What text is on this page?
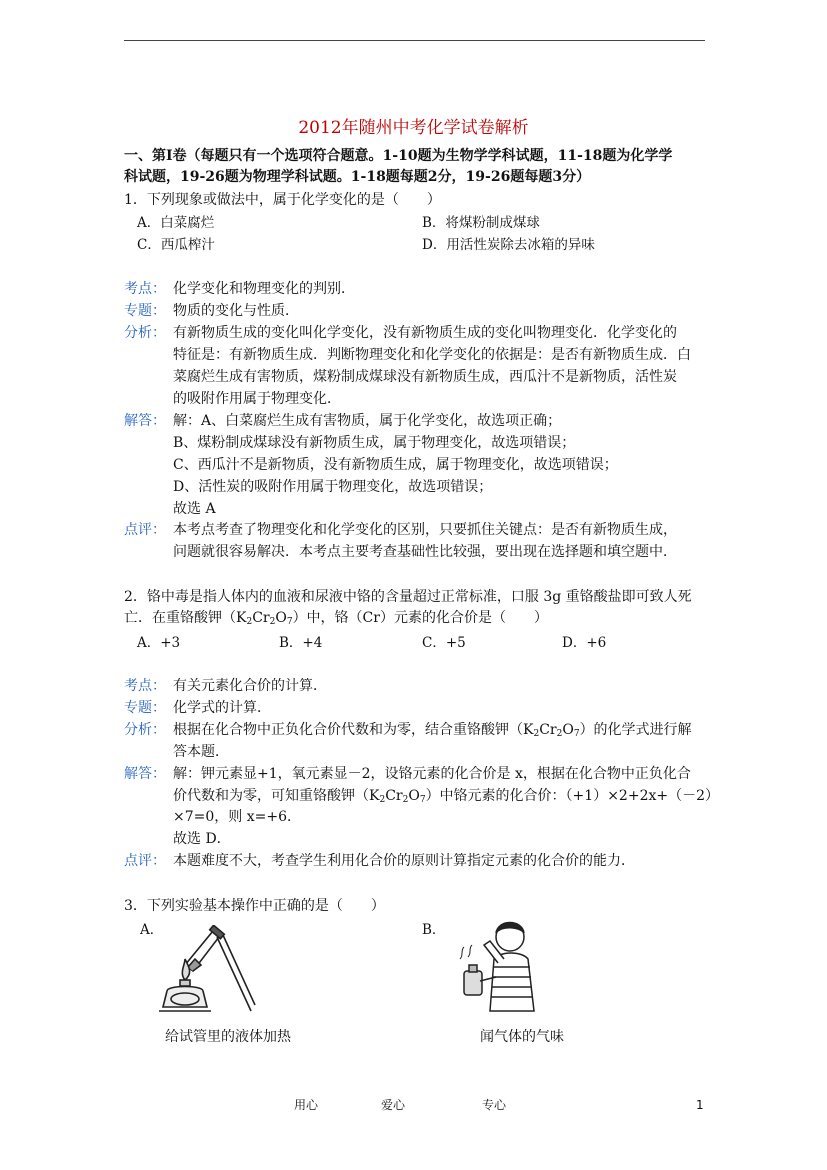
2012年随州中考化学试卷解析
一、第Ⅰ卷（每题只有一个选项符合题意。1-10题为生物学学科试题，11-18题为化学学
科试题，19-26题为物理学科试题。1-18题每题2分，19-26题每题3分）
1．下列现象或做法中，属于化学变化的是（　　）
A．白菜腐烂	B．将煤粉制成煤球
C．西瓜榨汁	D．用活性炭除去冰箱的异味
考点： 化学变化和物理变化的判别．
专题： 物质的变化与性质．
分析： 有新物质生成的变化叫化学变化，没有新物质生成的变化叫物理变化．化学变化的
特征是：有新物质生成．判断物理变化和化学变化的依据是：是否有新物质生成．白
菜腐烂生成有害物质，煤粉制成煤球没有新物质生成，西瓜汁不是新物质，活性炭
的吸附作用属于物理变化．
解答： 解：A、白菜腐烂生成有害物质，属于化学变化，故选项正确；
B、煤粉制成煤球没有新物质生成，属于物理变化，故选项错误；
C、西瓜汁不是新物质，没有新物质生成，属于物理变化，故选项错误；
D、活性炭的吸附作用属于物理变化，故选项错误；
故选 A
点评： 本考点考查了物理变化和化学变化的区别，只要抓住关键点：是否有新物质生成，
问题就很容易解决．本考点主要考查基础性比较强，要出现在选择题和填空题中．
2．铬中毒是指人体内的血液和尿液中铬的含量超过正常标准，口服 3g 重铬酸盐即可致人死
亡．在重铬酸钾$(K_2Cr_2O_7)$中，铬（Cr）元素的化合价是（　　）
A．+3	B．+4	C．+5	D．+6
考点： 有关元素化合价的计算．
专题： 化学式的计算．
分析： 根据在化合物中正负化合价代数和为零，结合重铬酸钾$(K_2Cr_2O_7)$的化学式进行解
答本题．
解答： 解：钾元素显+1，氧元素显－2，设铬元素的化合价是 x，根据在化合物中正负化合
价代数和为零，可知重铬酸钾$(K_2Cr_2O_7)$中铬元素的化合价：（+1）×2+2x+（－2）
×7=0，则 x=+6．
故选 D．
点评： 本题难度不大，考查学生利用化合价的原则计算指定元素的化合价的能力．
3．下列实验基本操作中正确的是（　　）
A．	B．
给试管里的液体加热	闻气体的气味
用心	爱心	专心	1
